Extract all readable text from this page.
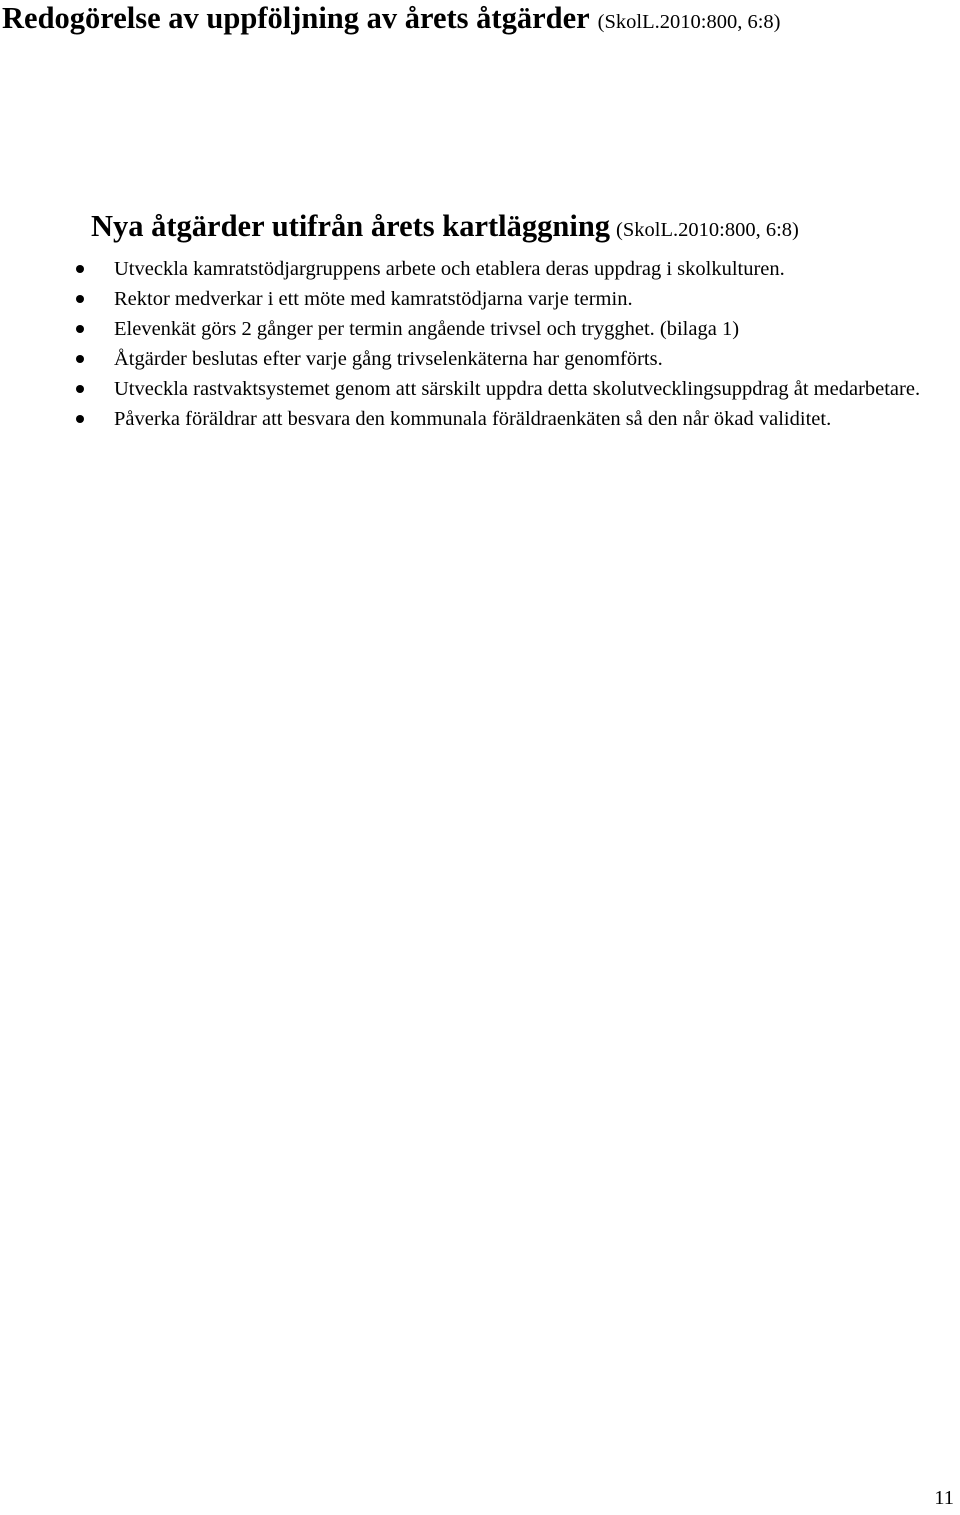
Redogörelse av uppföljning av årets åtgärder (SkolL.2010:800, 6:8)
Nya åtgärder utifrån årets kartläggning (SkolL.2010:800, 6:8)
Utveckla kamratstödjargruppens arbete och etablera deras uppdrag i skolkulturen.
Rektor medverkar i ett möte med kamratstödjarna varje termin.
Elevenkät görs 2 gånger per termin angående trivsel och trygghet. (bilaga 1)
Åtgärder beslutas efter varje gång trivselenkäterna har genomförts.
Utveckla rastvaktsystemet genom att särskilt uppdra detta skolutvecklingsuppdrag åt medarbetare.
Påverka föräldrar att besvara den kommunala föräldraenkäten så den når ökad validitet.
11
